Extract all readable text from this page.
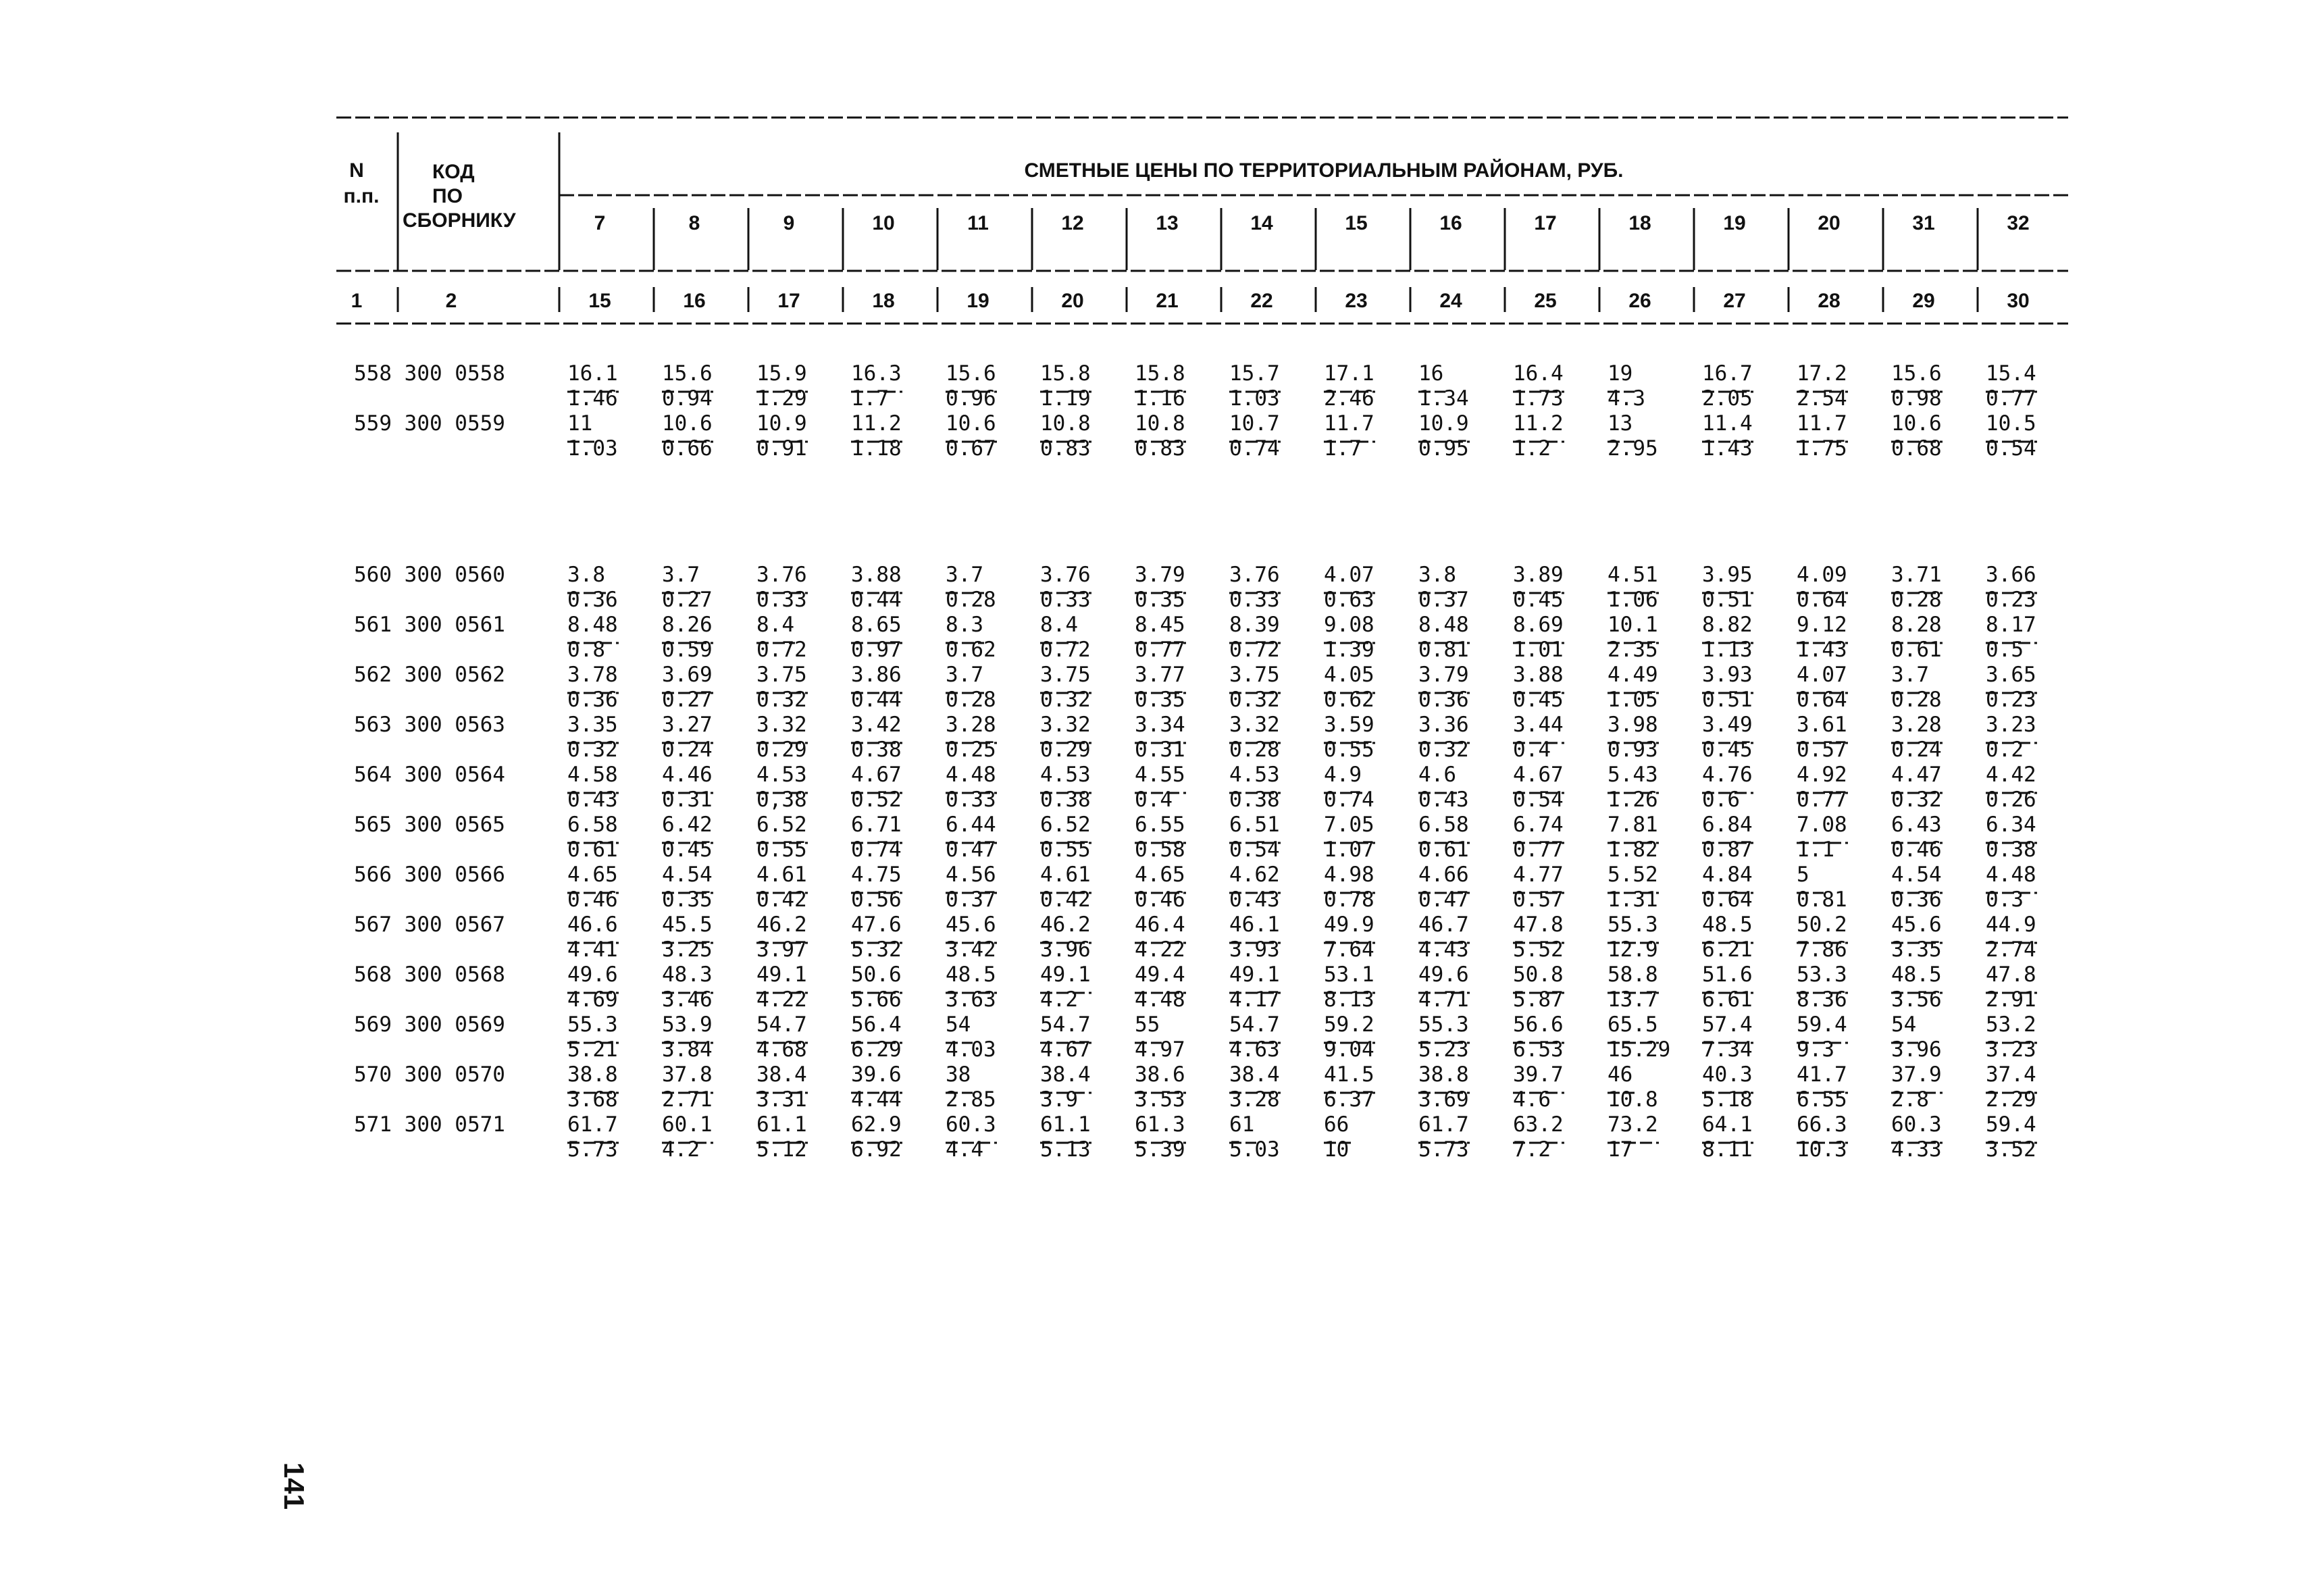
N
п.п.
КОД
ПО
СБОРНИКУ
СМЕТНЫЕ ЦЕНЫ ПО ТЕРРИТОРИАЛЬНЫМ РАЙОНАМ, РУБ.
1	2
7	8	9	10	11	12	13	14	15	16	17	18	19	20	31	32
15	16	17	18	19	20	21	22	23	24	25	26	27	28	29	30
558 300 0558	16.1 15.6 15.9 16.3 15.6 15.8 15.8 15.7 17.1 16	16.4 19	16.7 17.2 15.6 15.4
1.46 0.94 1.29 1.7	0.96 1.19 1.16 1.03 2.46 1.34 1.73 4.3	2.05 2.54 0.98 0.77
559 300 0559	11	10.6 10.9 11.2 10.6 10.8 10.8 10.7 11.7 10.9 11.2 13	11.4 11.7 10.6 10.5
1.03 0.66 0.91 1.18 0.67 0.83 0.83 0.74 1.7	0.95 1.2	2.95 1.43 1.75 0.68 0.54
560 300 0560	3.8	3.7	3.76 3.88 3.7	3.76 3.79 3.76 4.07 3.8	3.89 4.51 3.95 4.09 3.71 3.66
0.36 0.27 0.33 0.44 0.28 0.33 0.35 0.33 0.63 0.37 0.45 1.06 0.51 0.64 0.28 0.23
561 300 0561	8.48 8.26 8.4	8.65 8.3	8.4	8.45 8.39 9.08 8.48 8.69 10.1 8.82 9.12 8.28 8.17
0.8	0.59 0.72 0.97 0.62 0.72 0.77 0.72 1.39 0.81 1.01 2.35 1.13 1.43 0.61 0.5
562 300 0562	3.78 3.69 3.75 3.86 3.7	3.75 3.77 3.75 4.05 3.79 3.88 4.49 3.93 4.07 3.7	3.65
0.36 0.27 0.32 0.44 0.28 0.32 0.35 0.32 0.62 0.36 0.45 1.05 0.51 0.64 0.28 0.23
563 300 0563	3.35 3.27 3.32 3.42 3.28 3.32 3.34 3.32 3.59 3.36 3.44 3.98 3.49 3.61 3.28 3.23
0.32 0.24 0.29 0.38 0.25 0.29 0.31 0.28 0.55 0.32 0.4	0.93 0.45 0.57 0.24 0.2
564 300 0564	4.58 4.46 4.53 4.67 4.48 4.53 4.55 4.53 4.9	4.6	4.67 5.43 4.76 4.92 4.47 4.42
0.43 0.31 0,38 0.52 0.33 0.38 0.4	0.38 0.74 0.43 0.54 1.26 0.6	0.77 0.32 0.26
565 300 0565	6.58 6.42 6.52 6.71 6.44 6.52 6.55 6.51 7.05 6.58 6.74 7.81 6.84 7.08 6.43 6.34
0.61 0.45 0.55 0.74 0.47 0.55 0.58 0.54 1.07 0.61 0.77 1.82 0.87 1.1	0.46 0.38
566 300 0566	4.65 4.54 4.61 4.75 4.56 4.61 4.65 4.62 4.98 4.66 4.77 5.52 4.84 5	4.54 4.48
0.46 0.35 0.42 0.56 0.37 0.42 0.46 0.43 0.78 0.47 0.57 1.31 0.64 0.81 0.36 0.3
567 300 0567	46.6 45.5 46.2 47.6 45.6 46.2 46.4 46.1 49.9 46.7 47.8 55.3 48.5 50.2 45.6 44.9
4.41 3.25 3.97 5.32 3.42 3.96 4.22 3.93 7.64 4.43 5.52 12.9 6.21 7.86 3.35 2.74
568 300 0568	49.6 48.3 49.1 50.6 48.5 49.1 49.4 49.1 53.1 49.6 50.8 58.8 51.6 53.3 48.5 47.8
4.69 3.46 4.22 5.66 3.63 4.2	4.48 4.17 8.13 4.71 5.87 13.7 6.61 8.36 3.56 2.91
569 300 0569	55.3 53.9 54.7 56.4 54	54.7 55	54.7 59.2 55.3 56.6 65.5 57.4 59.4 54	53.2
5.21 3.84 4.68 6.29 4.03 4.67 4.97 4.63 9.04 5.23 6.53 15.29 7.34 9.3	3.96 3.23
570 300 0570	38.8 37.8 38.4 39.6 38	38.4 38.6 38.4 41.5 38.8 39.7 46	40.3 41.7 37.9 37.4
3.68 2.71 3.31 4.44 2.85 3.9	3.53 3.28 6.37 3.69 4.6	10.8 5.18 6.55 2.8	2.29
571 300 0571	61.7 60.1 61.1 62.9 60.3 61.1 61.3 61	66	61.7 63.2 73.2 64.1 66.3 60.3 59.4
5.73 4.2	5.12 6.92 4.4	5.13 5.39 5.03 10	5.73 7.2	17	8.11 10.3 4.33 3.52
141
